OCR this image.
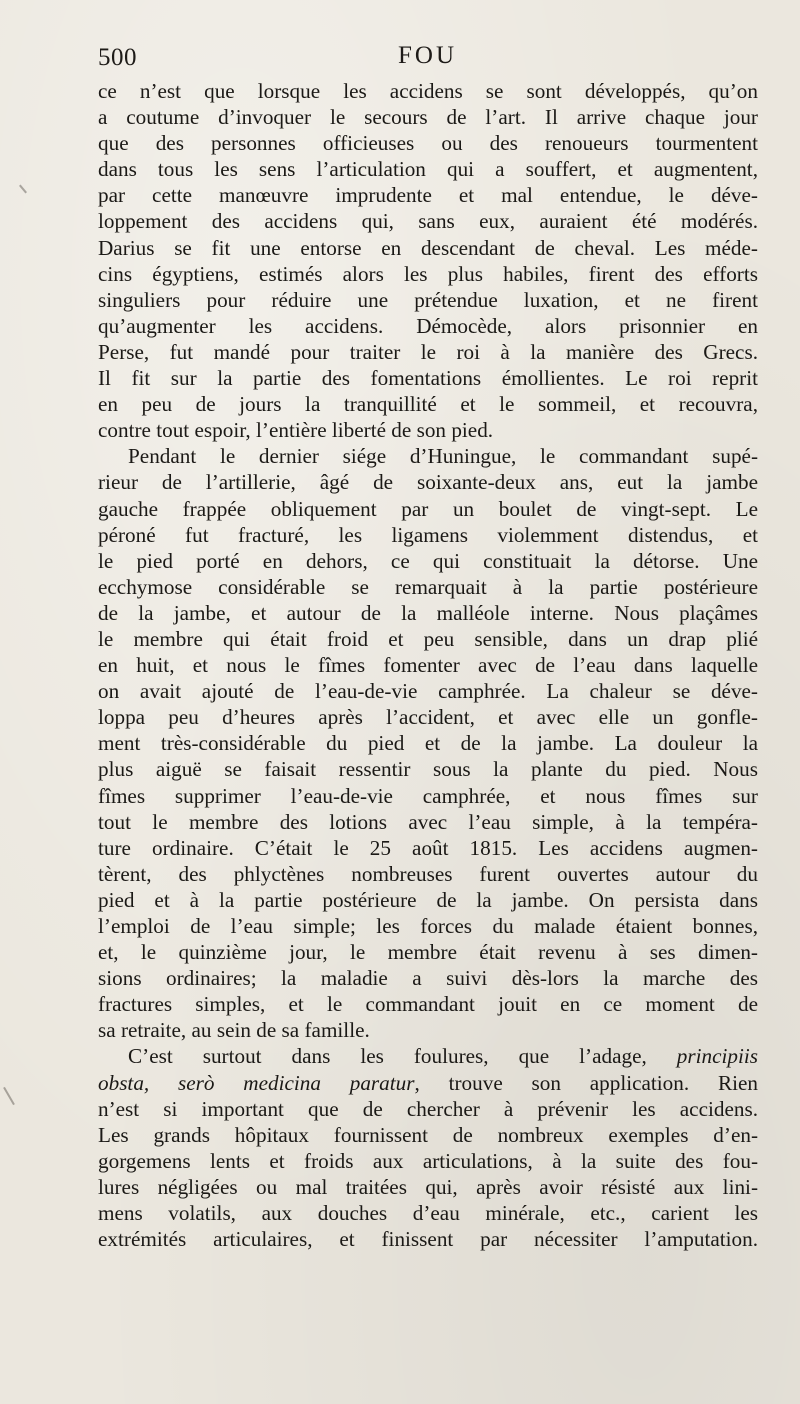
500	FOU
ce n’est que lorsque les accidens se sont développés, qu’on
a coutume d’invoquer le secours de l’art. Il arrive chaque jour
que des personnes officieuses ou des renoueurs tourmentent
dans tous les sens l’articulation qui a souffert, et augmentent,
par cette manœuvre imprudente et mal entendue, le déve-
loppement des accidens qui, sans eux, auraient été modérés.
Darius se fit une entorse en descendant de cheval. Les méde-
cins égyptiens, estimés alors les plus habiles, firent des efforts
singuliers pour réduire une prétendue luxation, et ne firent
qu’augmenter les accidens. Démocède, alors prisonnier en
Perse, fut mandé pour traiter le roi à la manière des Grecs.
Il fit sur la partie des fomentations émollientes. Le roi reprit
en peu de jours la tranquillité et le sommeil, et recouvra,
contre tout espoir, l’entière liberté de son pied.
Pendant le dernier siége d’Huningue, le commandant supé-
rieur de l’artillerie, âgé de soixante-deux ans, eut la jambe
gauche frappée obliquement par un boulet de vingt-sept. Le
péroné fut fracturé, les ligamens violemment distendus, et
le pied porté en dehors, ce qui constituait la détorse. Une
ecchymose considérable se remarquait à la partie postérieure
de la jambe, et autour de la malléole interne. Nous plaçâmes
le membre qui était froid et peu sensible, dans un drap plié
en huit, et nous le fîmes fomenter avec de l’eau dans laquelle
on avait ajouté de l’eau-de-vie camphrée. La chaleur se déve-
loppa peu d’heures après l’accident, et avec elle un gonfle-
ment très-considérable du pied et de la jambe. La douleur la
plus aiguë se faisait ressentir sous la plante du pied. Nous
fîmes supprimer l’eau-de-vie camphrée, et nous fîmes sur
tout le membre des lotions avec l’eau simple, à la tempéra-
ture ordinaire. C’était le 25 août 1815. Les accidens augmen-
tèrent, des phlyctènes nombreuses furent ouvertes autour du
pied et à la partie postérieure de la jambe. On persista dans
l’emploi de l’eau simple; les forces du malade étaient bonnes,
et, le quinzième jour, le membre était revenu à ses dimen-
sions ordinaires; la maladie a suivi dès-lors la marche des
fractures simples, et le commandant jouit en ce moment de
sa retraite, au sein de sa famille.
C’est surtout dans les foulures, que l’adage, principiis
obsta, serò medicina paratur, trouve son application. Rien
n’est si important que de chercher à prévenir les accidens.
Les grands hôpitaux fournissent de nombreux exemples d’en-
gorgemens lents et froids aux articulations, à la suite des fou-
lures négligées ou mal traitées qui, après avoir résisté aux lini-
mens volatils, aux douches d’eau minérale, etc., carient les
extrémités articulaires, et finissent par nécessiter l’amputation.
